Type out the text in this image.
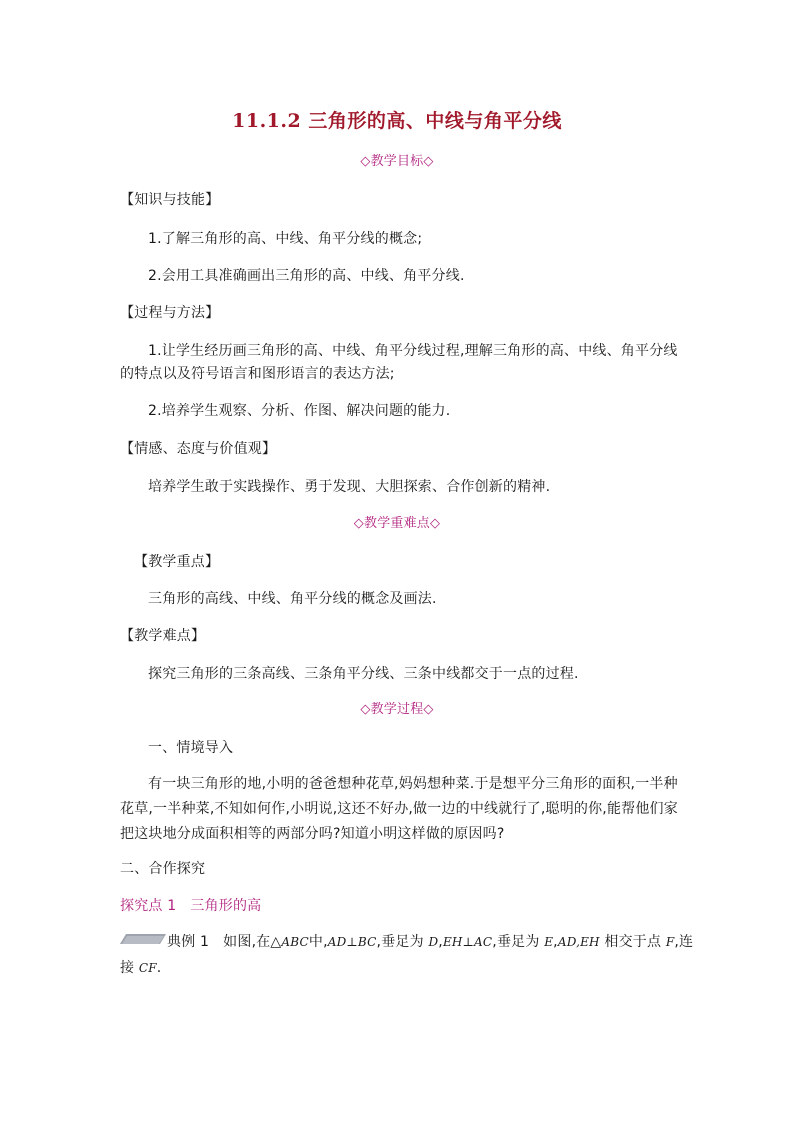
11.1.2 三角形的高、中线与角平分线
◇教学目标◇
【知识与技能】
1.了解三角形的高、中线、角平分线的概念;
2.会用工具准确画出三角形的高、中线、角平分线.
【过程与方法】
1.让学生经历画三角形的高、中线、角平分线过程,理解三角形的高、中线、角平分线
的特点以及符号语言和图形语言的表达方法;
2.培养学生观察、分析、作图、解决问题的能力.
【情感、态度与价值观】
培养学生敢于实践操作、勇于发现、大胆探索、合作创新的精神.
◇教学重难点◇
【教学重点】
三角形的高线、中线、角平分线的概念及画法.
【教学难点】
探究三角形的三条高线、三条角平分线、三条中线都交于一点的过程.
◇教学过程◇
一、情境导入
有一块三角形的地,小明的爸爸想种花草,妈妈想种菜.于是想平分三角形的面积,一半种花草,一半种菜,不知如何作,小明说,这还不好办,做一边的中线就行了,聪明的你,能帮他们家把这块地分成面积相等的两部分吗?知道小明这样做的原因吗?
二、合作探究
探究点 1 三角形的高
典例 1 如图,在△ABC中,AD⊥BC,垂足为 D,EH⊥AC,垂足为 E,AD,EH 相交于点 F,连
接 CF.
